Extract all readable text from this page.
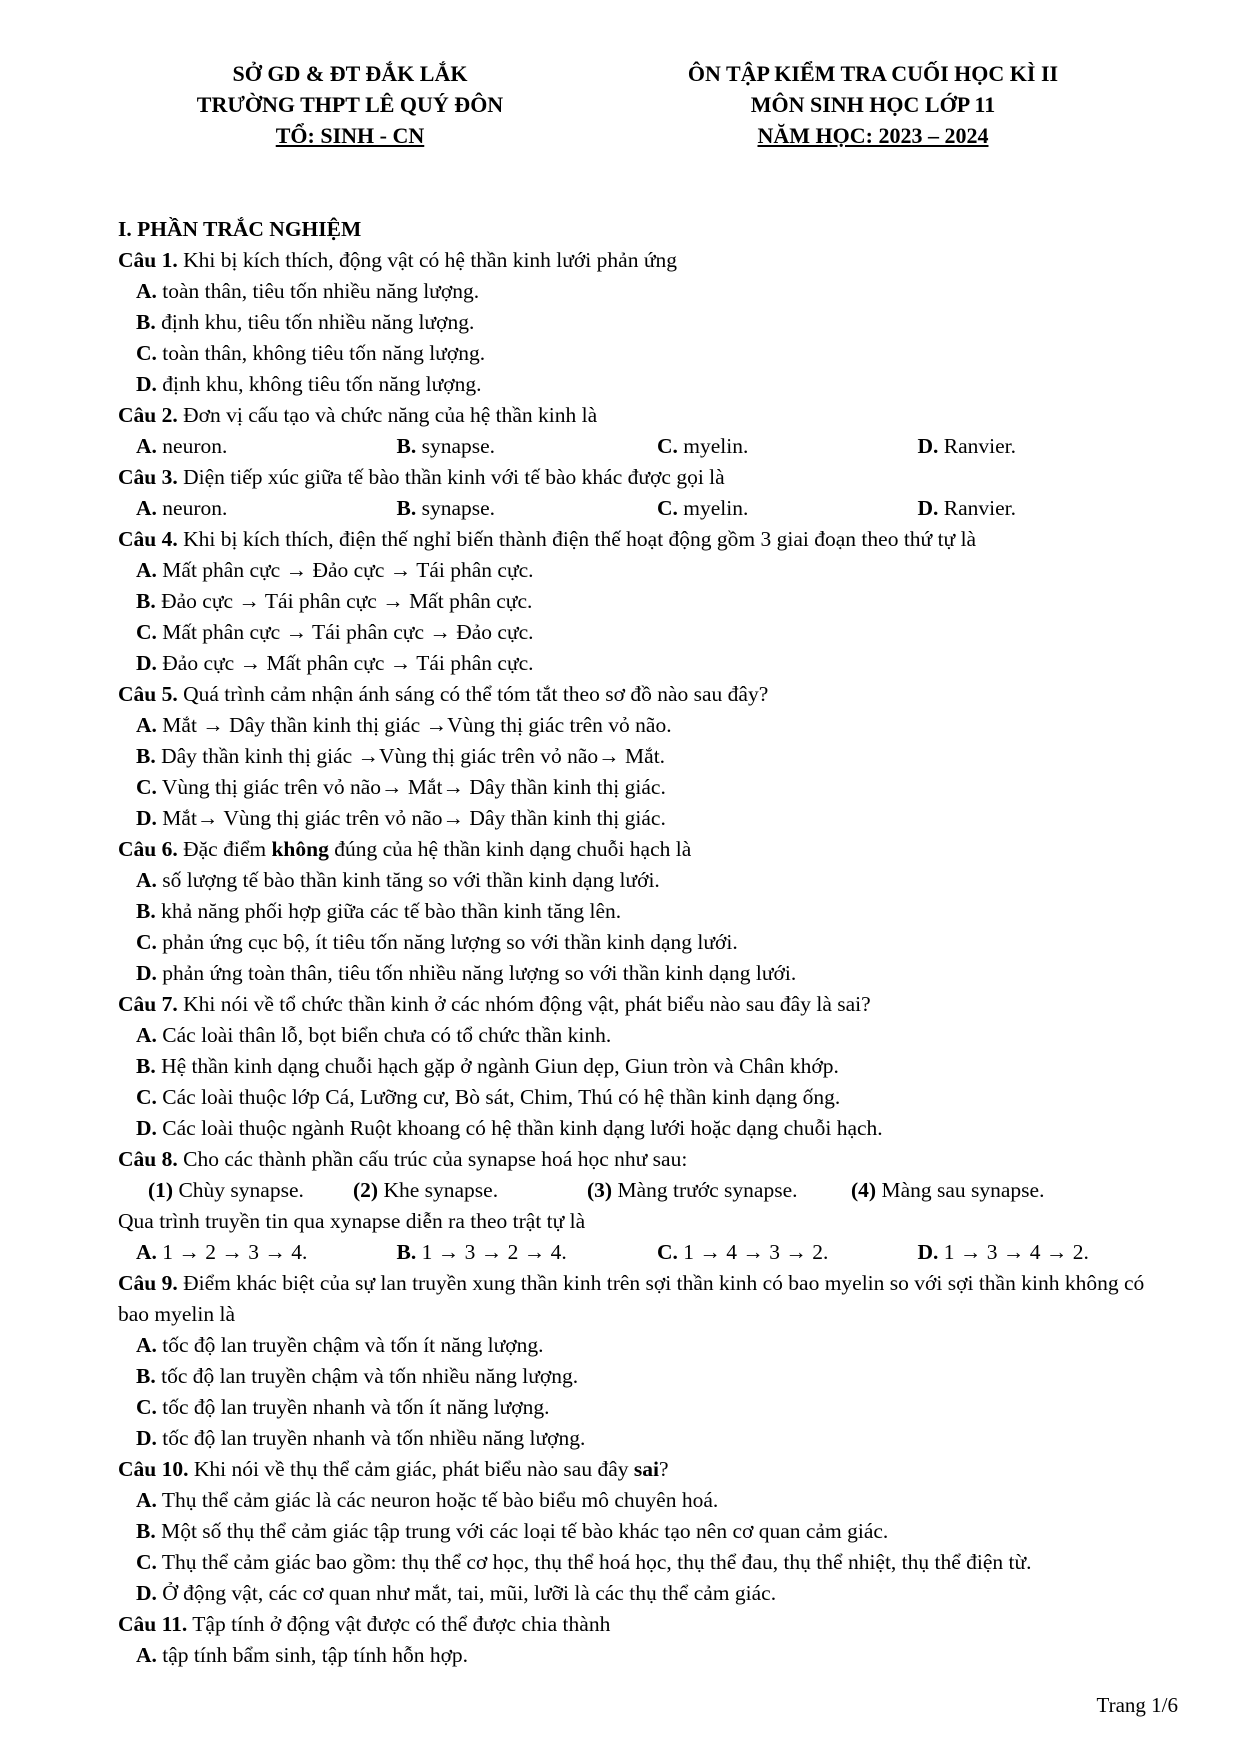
SỞ GD & ĐT ĐẮK LẮK
TRƯỜNG THPT LÊ QUÝ ĐÔN
TỔ: SINH - CN
ÔN TẬP KIỂM TRA CUỐI HỌC KÌ II
MÔN SINH HỌC LỚP 11
NĂM HỌC: 2023 – 2024
I. PHẦN TRẮC NGHIỆM
Câu 1. Khi bị kích thích, động vật có hệ thần kinh lưới phản ứng
A. toàn thân, tiêu tốn nhiều năng lượng.
B. định khu, tiêu tốn nhiều năng lượng.
C. toàn thân, không tiêu tốn năng lượng.
D. định khu, không tiêu tốn năng lượng.
Câu 2. Đơn vị cấu tạo và chức năng của hệ thần kinh là
A. neuron.	B. synapse.	C. myelin.	D. Ranvier.
Câu 3. Diện tiếp xúc giữa tế bào thần kinh với tế bào khác được gọi là
A. neuron.	B. synapse.	C. myelin.	D. Ranvier.
Câu 4. Khi bị kích thích, điện thế nghỉ biến thành điện thế hoạt động gồm 3 giai đoạn theo thứ tự là
A. Mất phân cực → Đảo cực → Tái phân cực.
B. Đảo cực → Tái phân cực → Mất phân cực.
C. Mất phân cực → Tái phân cực → Đảo cực.
D. Đảo cực → Mất phân cực → Tái phân cực.
Câu 5. Quá trình cảm nhận ánh sáng có thể tóm tắt theo sơ đồ nào sau đây?
A. Mắt → Dây thần kinh thị giác →Vùng thị giác trên vỏ não.
B. Dây thần kinh thị giác →Vùng thị giác trên vỏ não→ Mắt.
C. Vùng thị giác trên vỏ não→ Mắt→ Dây thần kinh thị giác.
D. Mắt→ Vùng thị giác trên vỏ não→ Dây thần kinh thị giác.
Câu 6. Đặc điểm không đúng của hệ thần kinh dạng chuỗi hạch là
A. số lượng tế bào thần kinh tăng so với thần kinh dạng lưới.
B. khả năng phối hợp giữa các tế bào thần kinh tăng lên.
C. phản ứng cục bộ, ít tiêu tốn năng lượng so với thần kinh dạng lưới.
D. phản ứng toàn thân, tiêu tốn nhiều năng lượng so với thần kinh dạng lưới.
Câu 7. Khi nói về tổ chức thần kinh ở các nhóm động vật, phát biểu nào sau đây là sai?
A. Các loài thân lỗ, bọt biển chưa có tổ chức thần kinh.
B. Hệ thần kinh dạng chuỗi hạch gặp ở ngành Giun dẹp, Giun tròn và Chân khớp.
C. Các loài thuộc lớp Cá, Lưỡng cư, Bò sát, Chim, Thú có hệ thần kinh dạng ống.
D. Các loài thuộc ngành Ruột khoang có hệ thần kinh dạng lưới hoặc dạng chuỗi hạch.
Câu 8. Cho các thành phần cấu trúc của synapse hoá học như sau:
(1) Chùy synapse.	(2) Khe synapse.	(3) Màng trước synapse.	(4) Màng sau synapse.
Qua trình truyền tin qua xynapse diễn ra theo trật tự là
A. 1 → 2 → 3 → 4.	B. 1 → 3 → 2 → 4.	C. 1 → 4 → 3 → 2.	D. 1 → 3 → 4 → 2.
Câu 9. Điểm khác biệt của sự lan truyền xung thần kinh trên sợi thần kinh có bao myelin so với sợi thần kinh không có bao myelin là
A. tốc độ lan truyền chậm và tốn ít năng lượng.
B. tốc độ lan truyền chậm và tốn nhiều năng lượng.
C. tốc độ lan truyền nhanh và tốn ít năng lượng.
D. tốc độ lan truyền nhanh và tốn nhiều năng lượng.
Câu 10. Khi nói về thụ thể cảm giác, phát biểu nào sau đây sai?
A. Thụ thể cảm giác là các neuron hoặc tế bào biểu mô chuyên hoá.
B. Một số thụ thể cảm giác tập trung với các loại tế bào khác tạo nên cơ quan cảm giác.
C. Thụ thể cảm giác bao gồm: thụ thể cơ học, thụ thể hoá học, thụ thể đau, thụ thể nhiệt, thụ thể điện từ.
D. Ở động vật, các cơ quan như mắt, tai, mũi, lưỡi là các thụ thể cảm giác.
Câu 11. Tập tính ở động vật được có thể được chia thành
A. tập tính bẩm sinh, tập tính hỗn hợp.
Trang 1/6
